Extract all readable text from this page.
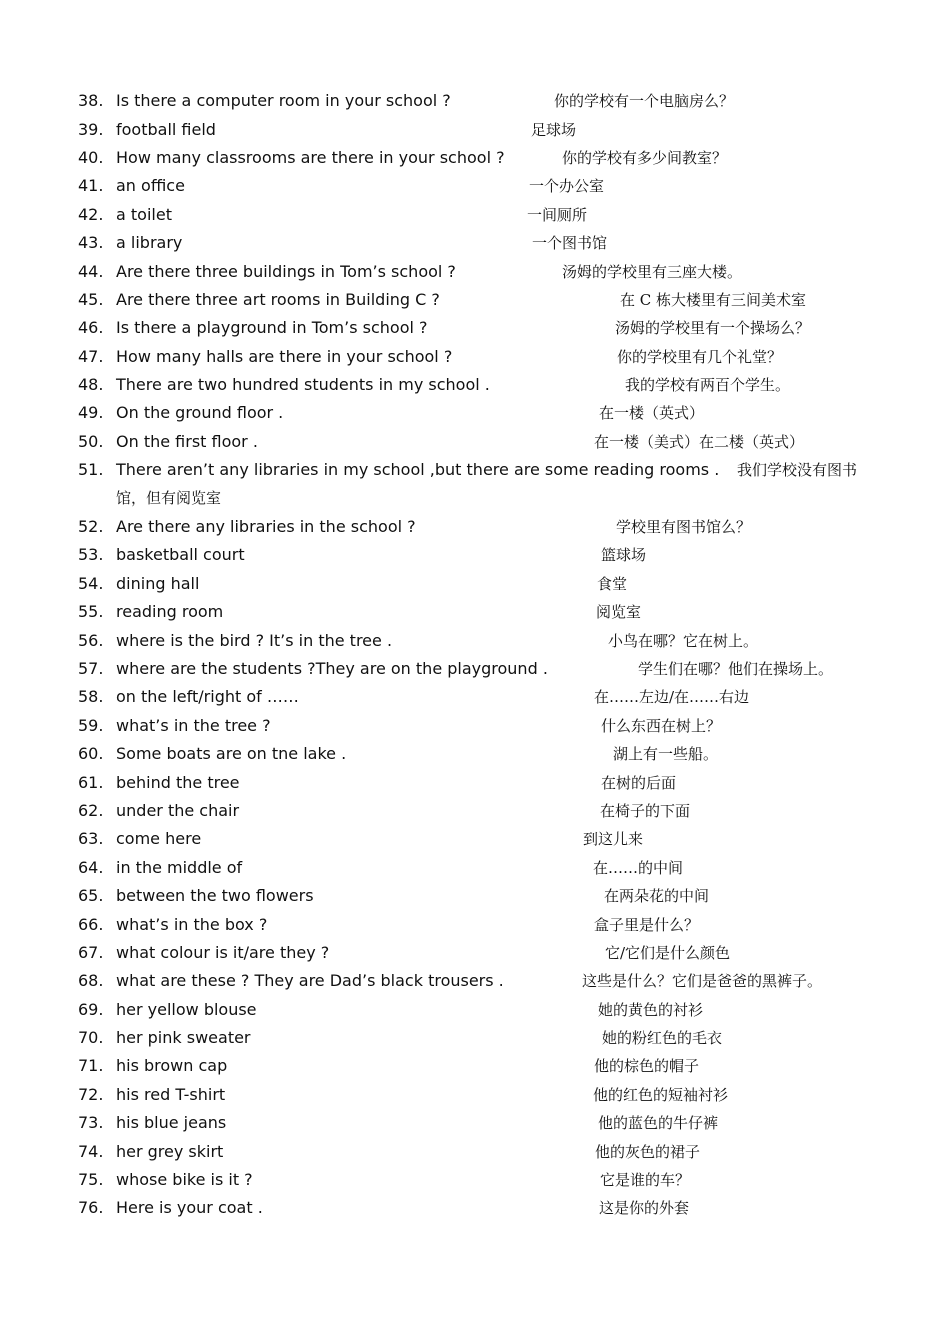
38. Is there a computer room in your school ?	你的学校有一个电脑房么？
39. football field	足球场
40. How many classrooms are there in your school ?	你的学校有多少间教室？
41. an office	一个办公室
42. a toilet	一间厕所
43. a library	一个图书馆
44. Are there three buildings in Tom’s school ?	汤姆的学校里有三座大楼。
45. Are there three art rooms in Building C ?	在 C 栋大楼里有三间美术室
46. Is there a playground in Tom’s school ?	汤姆的学校里有一个操场么？
47. How many halls are there in your school ?	你的学校里有几个礼堂？
48. There are two hundred students in my school .	我的学校有两百个学生。
49. On the ground floor .	在一楼（英式）
50. On the first floor .	在一楼（美式）在二楼（英式）
51. There aren’t any libraries in my school ,but there are some reading rooms . 我们学校没有图书
馆，但有阅览室
52. Are there any libraries in the school ?	学校里有图书馆么？
53. basketball court	篮球场
54. dining hall	食堂
55. reading room	阅览室
56. where is the bird ? It’s in the tree .	小鸟在哪？它在树上。
57. where are the students ?They are on the playground .	学生们在哪？他们在操场上。
58. on the left/right of ……	在……左边/在……右边
59. what’s in the tree ?	什么东西在树上？
60. Some boats are on tne lake .	湖上有一些船。
61. behind the tree	在树的后面
62. under the chair	在椅子的下面
63. come here	到这儿来
64. in the middle of	在……的中间
65. between the two flowers	在两朵花的中间
66. what’s in the box ?	盒子里是什么？
67. what colour is it/are they ?	它/它们是什么颜色
68. what are these ? They are Dad’s black trousers .	这些是什么？它们是爸爸的黑裤子。
69. her yellow blouse	她的黄色的衬衫
70. her pink sweater	她的粉红色的毛衣
71. his brown cap	他的棕色的帽子
72. his red T-shirt	他的红色的短袖衬衫
73. his blue jeans	他的蓝色的牛仔裤
74. her grey skirt	他的灰色的裙子
75. whose bike is it ?	它是谁的车？
76. Here is your coat .	这是你的外套
